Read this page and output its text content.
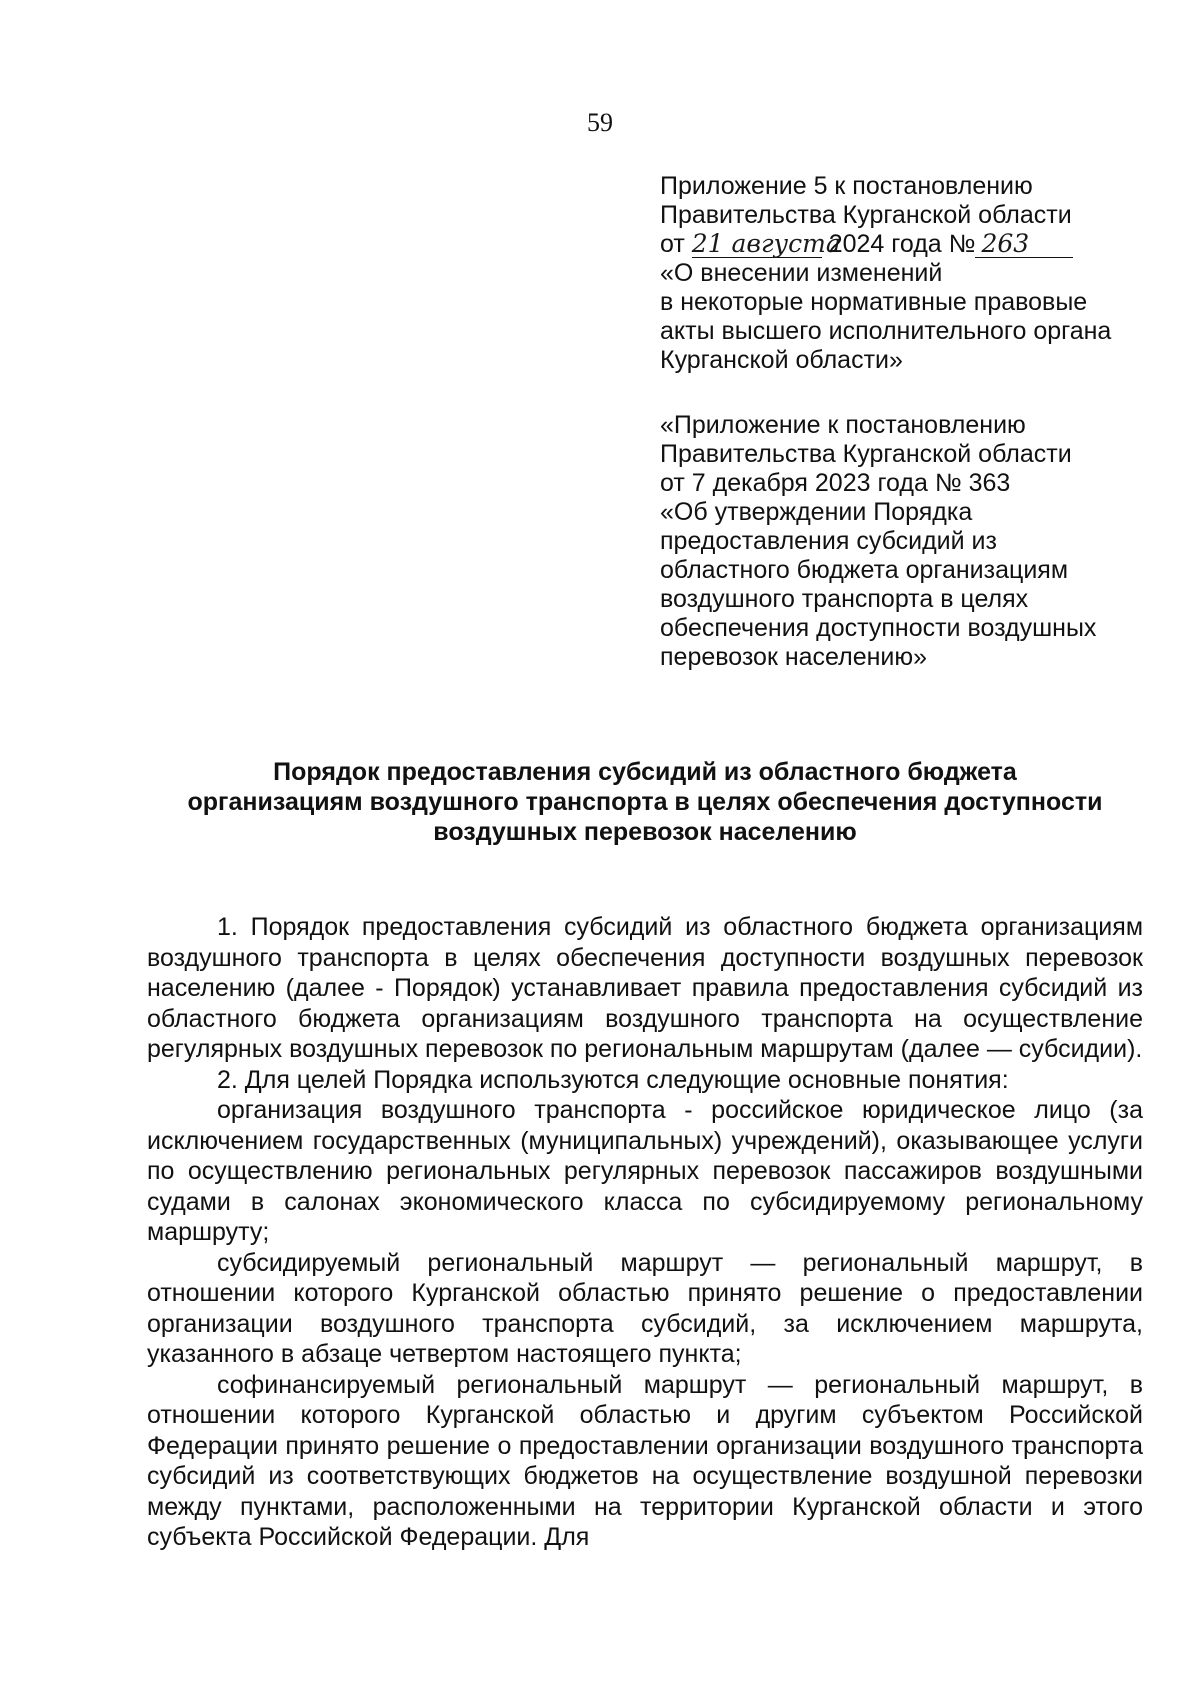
59
Приложение 5 к постановлению
Правительства Курганской области
от 21 августа 2024 года № 263
«О внесении изменений
в некоторые нормативные правовые
акты высшего исполнительного органа
Курганской области»
«Приложение к постановлению
Правительства Курганской области
от 7 декабря 2023 года № 363
«Об утверждении Порядка
предоставления субсидий из
областного бюджета организациям
воздушного транспорта в целях
обеспечения доступности воздушных
перевозок населению»
Порядок предоставления субсидий из областного бюджета
организациям воздушного транспорта в целях обеспечения доступности
воздушных перевозок населению

1. Порядок предоставления субсидий из областного бюджета организациям воздушного транспорта в целях обеспечения доступности воздушных перевозок населению (далее - Порядок) устанавливает правила предоставления субсидий из областного бюджета организациям воздушного транспорта на осуществление регулярных воздушных перевозок по региональным маршрутам (далее — субсидии).

2. Для целей Порядка используются следующие основные понятия:

организация воздушного транспорта - российское юридическое лицо (за исключением государственных (муниципальных) учреждений), оказывающее услуги по осуществлению региональных регулярных перевозок пассажиров воздушными судами в салонах экономического класса по субсидируемому региональному маршруту;

субсидируемый региональный маршрут — региональный маршрут, в отношении которого Курганской областью принято решение о предоставлении организации воздушного транспорта субсидий, за исключением маршрута, указанного в абзаце четвертом настоящего пункта;

софинансируемый региональный маршрут — региональный маршрут, в отношении которого Курганской областью и другим субъектом Российской Федерации принято решение о предоставлении организации воздушного транспорта субсидий из соответствующих бюджетов на осуществление воздушной перевозки между пунктами, расположенными на территории Курганской области и этого субъекта Российской Федерации. Для
